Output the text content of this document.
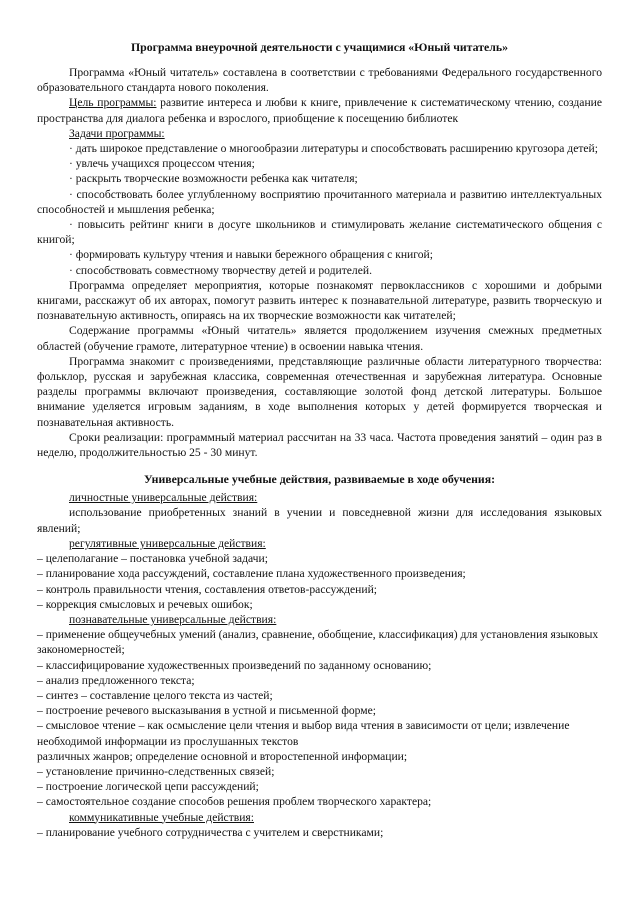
Программа внеурочной деятельности с учащимися «Юный читатель»

Программа «Юный читатель» составлена в соответствии с требованиями Федерального государственного образовательного стандарта нового поколения.

Цель программы: развитие интереса и любви к книге, привлечение к систематическому чтению, создание пространства для диалога ребенка и взрослого, приобщение к посещению библиотек

Задачи программы:

· дать широкое представление о многообразии литературы и способствовать расширению кругозора детей;

· увлечь учащихся процессом чтения;

· раскрыть творческие возможности ребенка как читателя;

· способствовать более углубленному восприятию прочитанного материала и развитию интеллектуальных способностей и мышления ребенка;

· повысить рейтинг книги в досуге школьников и стимулировать желание систематического общения с книгой;

· формировать культуру чтения и навыки бережного обращения с книгой;

· способствовать совместному творчеству детей и родителей.

Программа определяет мероприятия, которые познакомят первоклассников с хорошими и добрыми книгами, расскажут об их авторах, помогут развить интерес к познавательной литературе, развить творческую и познавательную активность, опираясь на их творческие возможности как читателей;

Содержание программы «Юный читатель» является продолжением изучения смежных предметных областей (обучение грамоте, литературное чтение) в освоении навыка чтения.

Программа знакомит с произведениями, представляющие различные области литературного творчества: фольклор, русская и зарубежная классика, современная отечественная и зарубежная литература. Основные разделы программы включают произведения, составляющие золотой фонд детской литературы. Большое внимание уделяется игровым заданиям, в ходе выполнения которых у детей формируется творческая и познавательная активность.

Сроки реализации: программный материал рассчитан на 33 часа. Частота проведения занятий – один раз в неделю, продолжительностью 25 - 30 минут.

Универсальные учебные действия, развиваемые в ходе обучения:

личностные универсальные действия:

использование приобретенных знаний в учении и повседневной жизни для исследования языковых явлений;

регулятивные универсальные действия:

– целеполагание – постановка учебной задачи;

– планирование хода рассуждений, составление плана художественного произведения;

– контроль правильности чтения, составления ответов-рассуждений;

– коррекция смысловых и речевых ошибок;

познавательные универсальные действия:

– применение общеучебных умений (анализ, сравнение, обобщение, классификация) для установления языковых закономерностей;

– классифицирование художественных произведений по заданному основанию;

– анализ предложенного текста;

– синтез – составление целого текста из частей;

– построение речевого высказывания в устной и письменной форме;

– смысловое чтение – как осмысление цели чтения и выбор вида чтения в зависимости от цели; извлечение необходимой информации из прослушанных текстов

различных жанров; определение основной и второстепенной информации;

– установление причинно-следственных связей;

– построение логической цепи рассуждений;

– самостоятельное создание способов решения проблем творческого характера;

коммуникативные учебные действия:

– планирование учебного сотрудничества с учителем и сверстниками;
